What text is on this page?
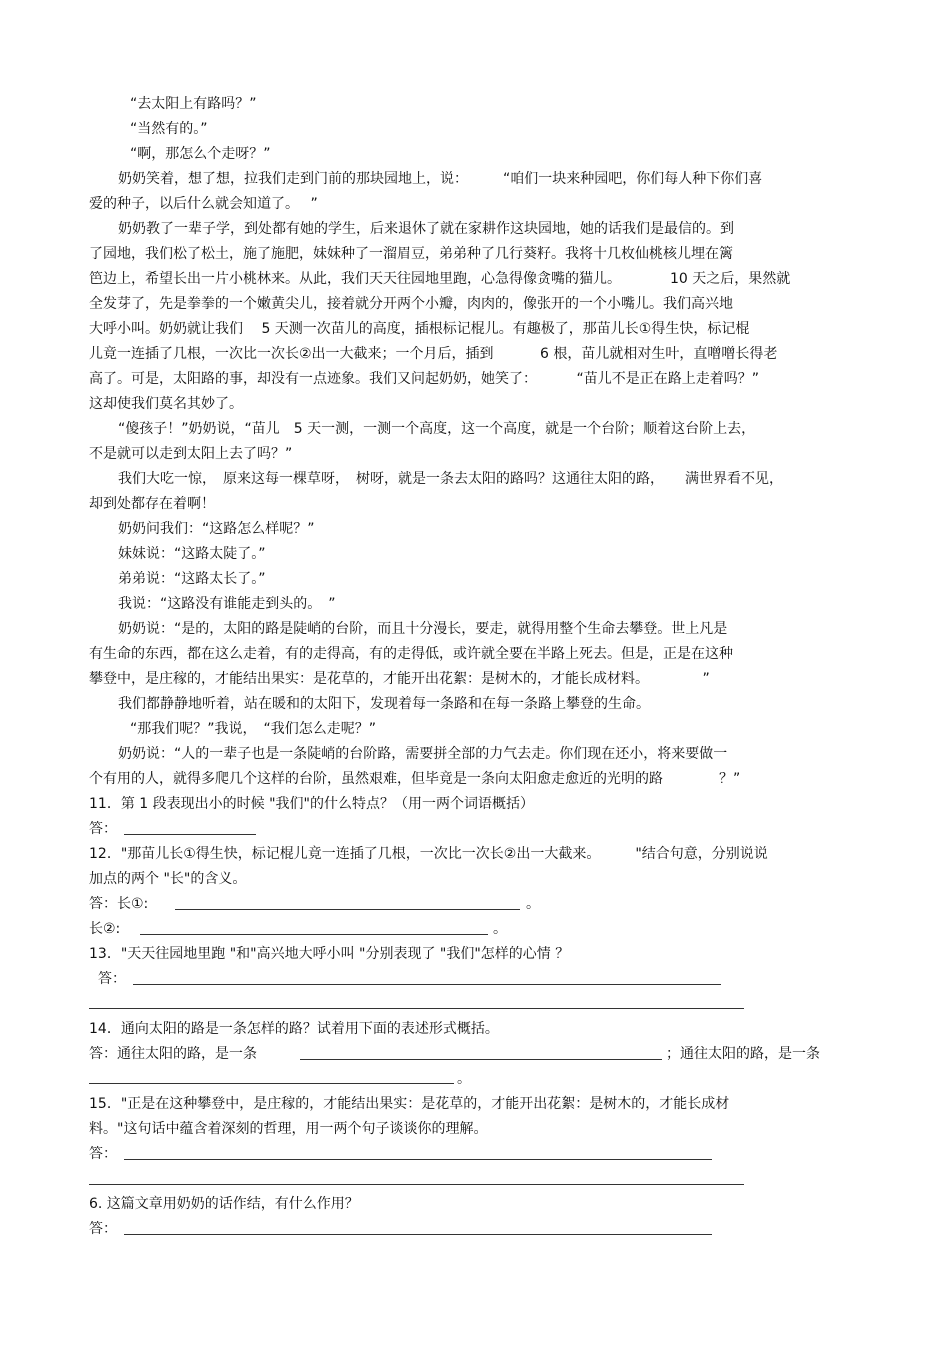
“去太阳上有路吗？”
“当然有的。”
“啊，那怎么个走呀？”
奶奶笑着，想了想，拉我们走到门前的那块园地上，说：　　　“咱们一块来种园吧，你们每人种下你们喜
爱的种子，以后什么就会知道了。　 ”
奶奶教了一辈子学，到处都有她的学生，后来退休了就在家耕作这块园地，她的话我们是最信的。到
了园地，我们松了松土，施了施肥，妹妹种了一溜眉豆，弟弟种了几行葵籽。我将十几枚仙桃核儿埋在篱
笆边上，希望长出一片小桃林来。从此，我们天天往园地里跑，心急得像贪嘴的猫儿。　　　　10 天之后，果然就
全发芽了，先是拳拳的一个嫩黄尖儿，接着就分开两个小瓣，肉肉的，像张开的一个小嘴儿。我们高兴地
大呼小叫。奶奶就让我们　 5 天测一次苗儿的高度，插根标记棍儿。有趣极了，那苗儿长①得生快，标记棍
儿竟一连插了几根，一次比一次长②出一大截来；一个月后，插到　　　 6 根，苗儿就相对生叶，直噌噌长得老
高了。可是，太阳路的事，却没有一点迹象。我们又问起奶奶，她笑了：　　　 “苗儿不是正在路上走着吗？”
这却使我们莫名其妙了。
“傻孩子！”奶奶说，“苗儿　5 天一测，一测一个高度，这一个高度，就是一个台阶；顺着这台阶上去，
不是就可以走到太阳上去了吗？”
我们大吃一惊，　原来这每一棵草呀，　树呀，就是一条去太阳的路吗？这通往太阳的路，　　满世界看不见，
却到处都存在着啊！
奶奶问我们：“这路怎么样呢？”
妹妹说：“这路太陡了。”
弟弟说：“这路太长了。”
我说：“这路没有谁能走到头的。　”
奶奶说：“是的，太阳的路是陡峭的台阶，而且十分漫长，要走，就得用整个生命去攀登。世上凡是
有生命的东西，都在这么走着，有的走得高，有的走得低，或许就全要在半路上死去。但是，正是在这种
攀登中，是庄稼的，才能结出果实：是花草的，才能开出花絮：是树木的，才能长成材料。　　　　 ”
我们都静静地听着，站在暖和的太阳下，发现着每一条路和在每一条路上攀登的生命。
“那我们呢？”我说，　“我们怎么走呢？”
奶奶说：“人的一辈子也是一条陡峭的台阶路，需要拼全部的力气去走。你们现在还小，将来要做一
个有用的人，就得多爬几个这样的台阶，虽然艰难，但毕竟是一条向太阳愈走愈近的光明的路　　　　？”
11．第 1 段表现出小的时候 "我们"的什么特点？（用一两个词语概括）
答：
12．"那苗儿长①得生快，标记棍儿竟一连插了几根，一次比一次长②出一大截来。　　　"结合句意，分别说说
加点的两个 "长"的含义。
答：长①:	。
长②:	。
13．"天天往园地里跑 "和"高兴地大呼小叫 "分别表现了 "我们"怎样的心情 ？
答：
14．通向太阳的路是一条怎样的路？试着用下面的表述形式概括。
答：通往太阳的路，是一条	；通往太阳的路，是一条
。
15．"正是在这种攀登中，是庄稼的，才能结出果实：是花草的，才能开出花絮：是树木的，才能长成材
料。"这句话中蕴含着深刻的哲理，用一两个句子谈谈你的理解。
答：
6. 这篇文章用奶奶的话作结，有什么作用？
答：
